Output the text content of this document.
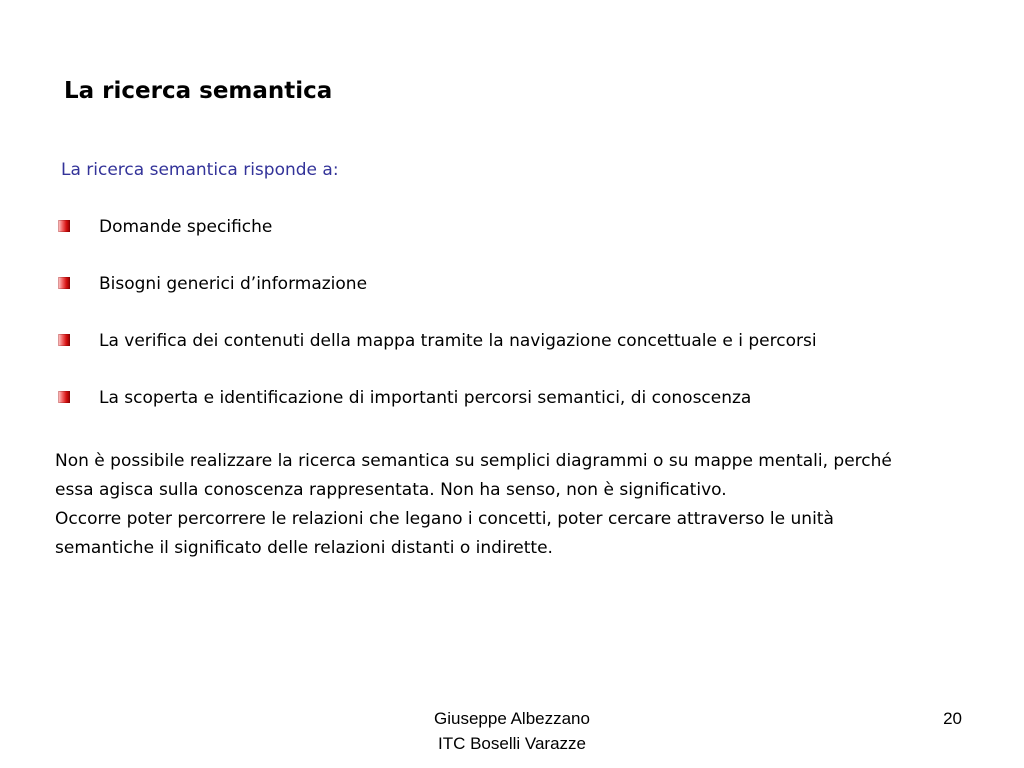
La ricerca semantica
La ricerca semantica risponde a:
Domande specifiche
Bisogni generici d’informazione
La verifica dei contenuti della mappa tramite la navigazione concettuale e i percorsi
La scoperta e identificazione di importanti percorsi semantici, di conoscenza

Non è possibile realizzare la ricerca semantica su semplici diagrammi o su mappe mentali, perché essa agisca sulla conoscenza rappresentata. Non ha senso, non è significativo.

Occorre poter percorrere le relazioni che legano i concetti, poter cercare attraverso le unità semantiche il significato delle relazioni distanti o indirette.

Giuseppe Albezzano
ITC Boselli Varazze
20
